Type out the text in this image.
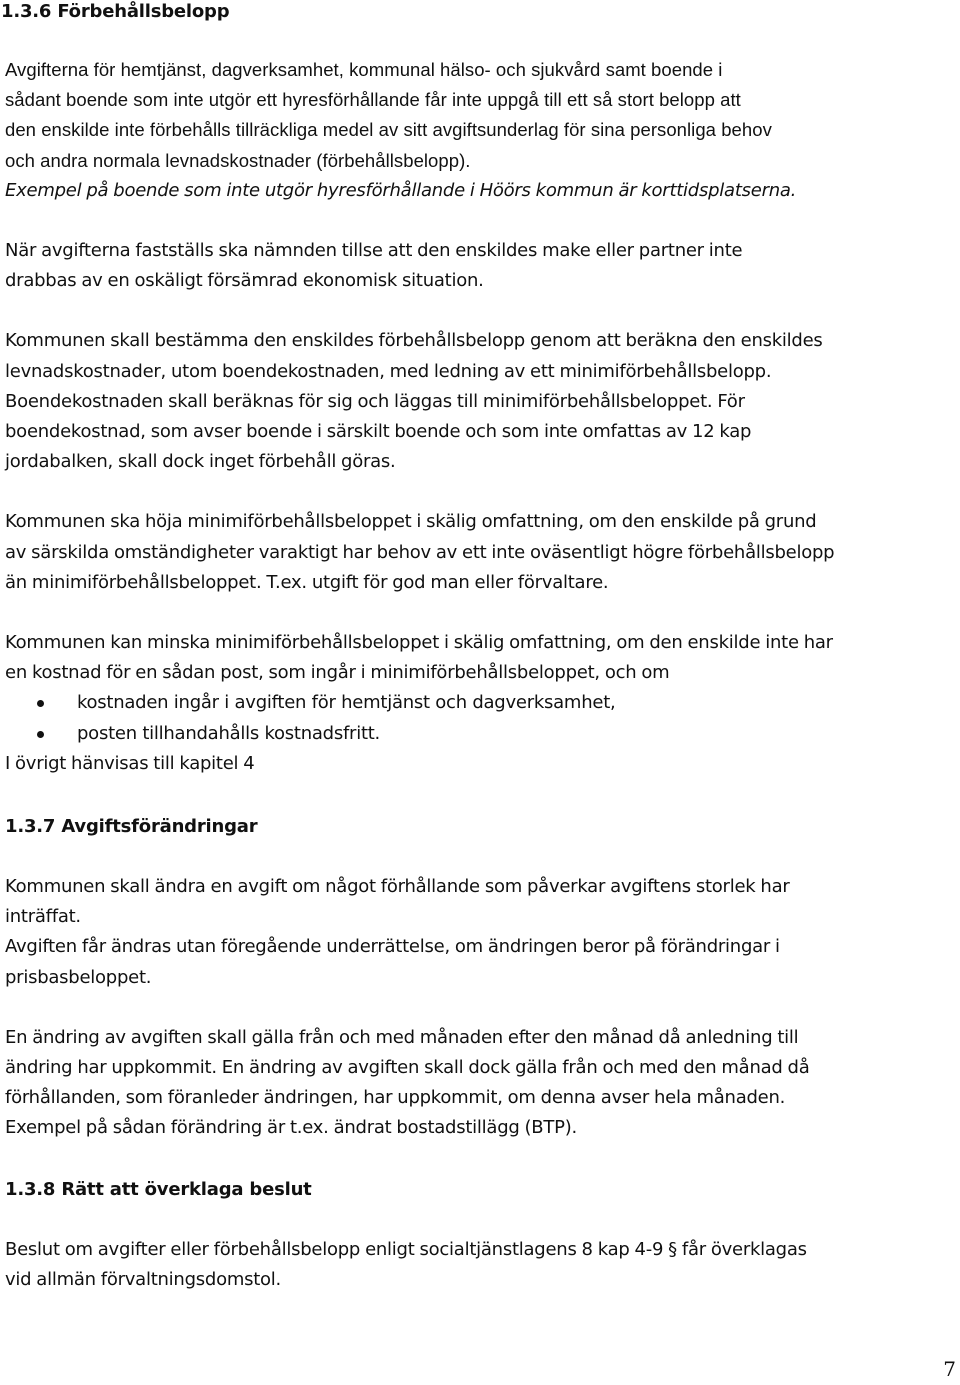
1.3.6 Förbehållsbelopp

Avgifterna för hemtjänst, dagverksamhet, kommunal hälso- och sjukvård samt boende i

sådant boende som inte utgör ett hyresförhållande får inte uppgå till ett så stort belopp att

den enskilde inte förbehålls tillräckliga medel av sitt avgiftsunderlag för sina personliga behov

och andra normala levnadskostnader (förbehållsbelopp).

Exempel på boende som inte utgör hyresförhållande i Höörs kommun är korttidsplatserna.

När avgifterna fastställs ska nämnden tillse att den enskildes make eller partner inte

drabbas av en oskäligt försämrad ekonomisk situation.

Kommunen skall bestämma den enskildes förbehållsbelopp genom att beräkna den enskildes

levnadskostnader, utom boendekostnaden, med ledning av ett minimiförbehållsbelopp.

Boendekostnaden skall beräknas för sig och läggas till minimiförbehållsbeloppet. För

boendekostnad, som avser boende i särskilt boende och som inte omfattas av 12 kap

jordabalken, skall dock inget förbehåll göras.

Kommunen ska höja minimiförbehållsbeloppet i skälig omfattning, om den enskilde på grund

av särskilda omständigheter varaktigt har behov av ett inte oväsentligt högre förbehållsbelopp

än minimiförbehållsbeloppet. T.ex. utgift för god man eller förvaltare.

Kommunen kan minska minimiförbehållsbeloppet i skälig omfattning, om den enskilde inte har

en kostnad för en sådan post, som ingår i minimiförbehållsbeloppet, och om

kostnaden ingår i avgiften för hemtjänst och dagverksamhet,
posten tillhandahålls kostnadsfritt.

I övrigt hänvisas till kapitel 4

1.3.7 Avgiftsförändringar

Kommunen skall ändra en avgift om något förhållande som påverkar avgiftens storlek har

inträffat.

Avgiften får ändras utan föregående underrättelse, om ändringen beror på förändringar i

prisbasbeloppet.

En ändring av avgiften skall gälla från och med månaden efter den månad då anledning till

ändring har uppkommit. En ändring av avgiften skall dock gälla från och med den månad då

förhållanden, som föranleder ändringen, har uppkommit, om denna avser hela månaden.

Exempel på sådan förändring är t.ex. ändrat bostadstillägg (BTP).

1.3.8 Rätt att överklaga beslut

Beslut om avgifter eller förbehållsbelopp enligt socialtjänstlagens 8 kap 4-9 § får överklagas

vid allmän förvaltningsdomstol.

7
